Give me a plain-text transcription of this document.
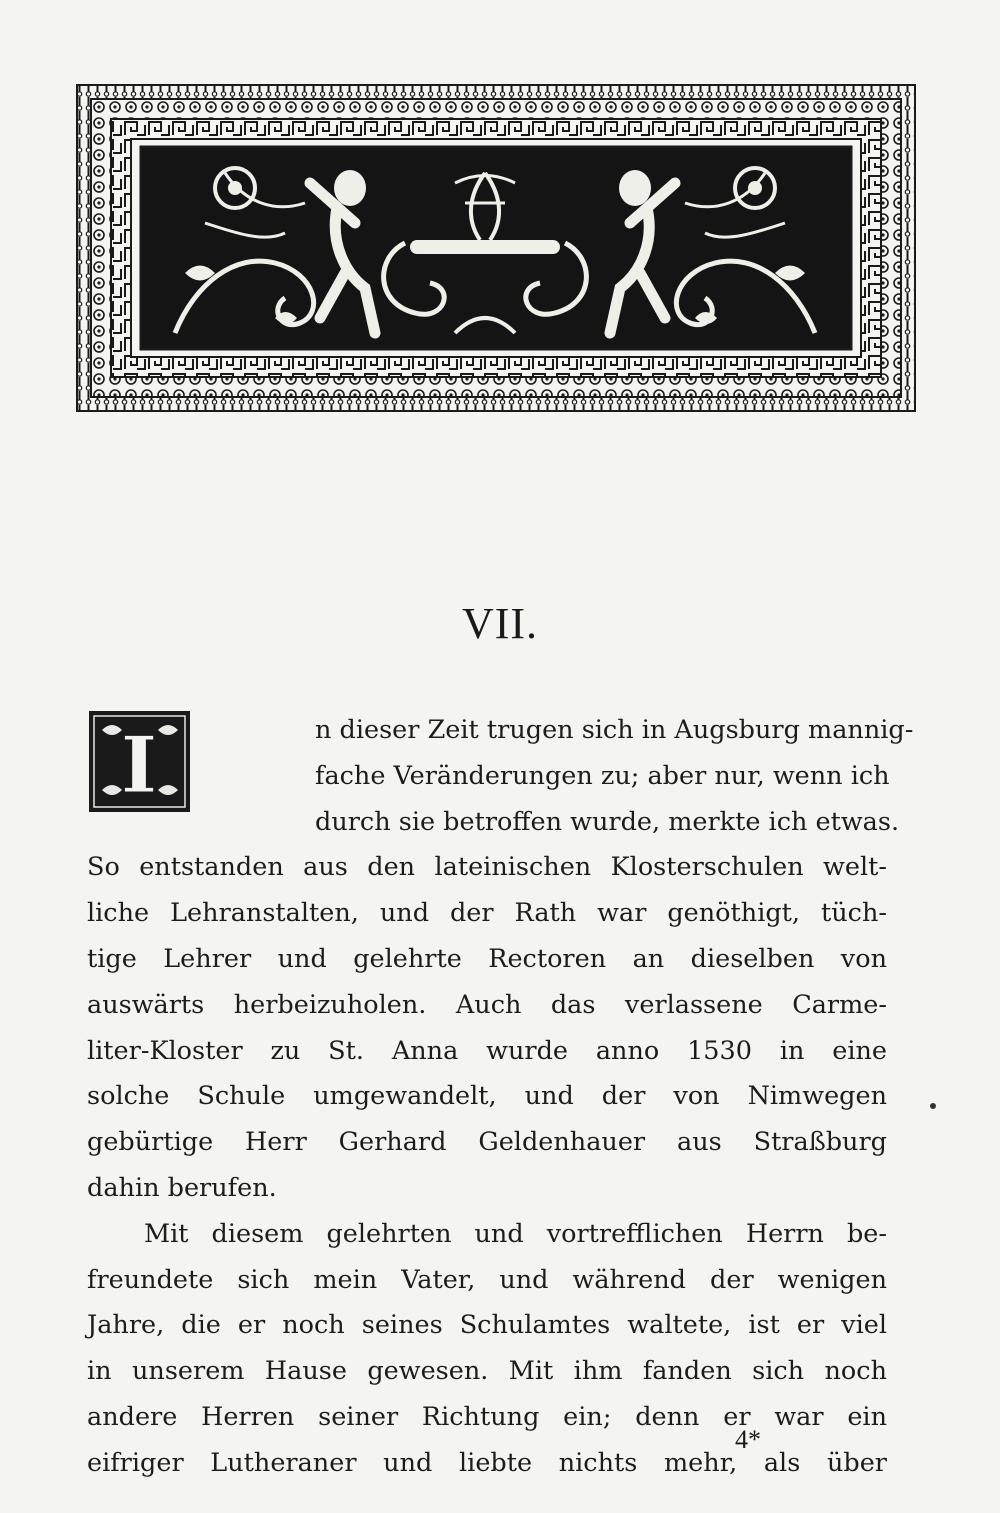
VII.
I	n dieser Zeit trugen sich in Augsburg mannig-
fache Veränderungen zu; aber nur, wenn ich
durch sie betroffen wurde, merkte ich etwas.
So entstanden aus den lateinischen Klosterschulen welt-
liche Lehranstalten, und der Rath war genöthigt, tüch-
tige Lehrer und gelehrte Rectoren an dieselben von
auswärts herbeizuholen. Auch das verlassene Carme-
liter-Kloster zu St. Anna wurde anno 1530 in eine
solche Schule umgewandelt, und der von Nimwegen
gebürtige Herr Gerhard Geldenhauer aus Straßburg
dahin berufen.
Mit diesem gelehrten und vortrefflichen Herrn be-
freundete sich mein Vater, und während der wenigen
Jahre, die er noch seines Schulamtes waltete, ist er viel
in unserem Hause gewesen. Mit ihm fanden sich noch
andere Herren seiner Richtung ein; denn er war ein
eifriger Lutheraner und liebte nichts mehr, als über
4*
